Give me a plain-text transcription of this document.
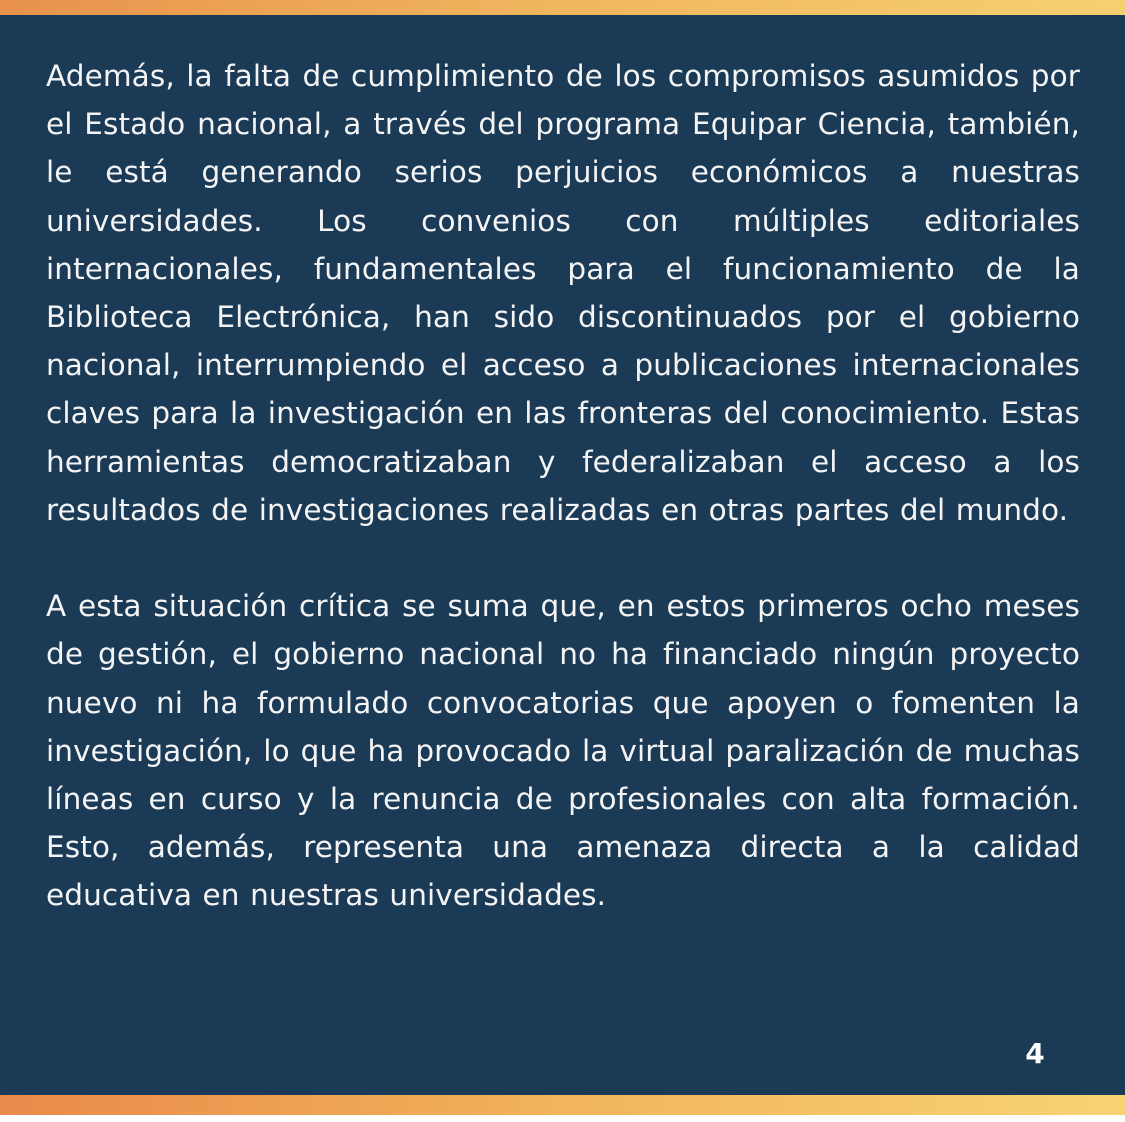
Además, la falta de cumplimiento de los compromisos asumidos por el Estado nacional, a través del programa Equipar Ciencia, también, le está generando serios perjuicios económicos a nuestras universidades. Los convenios con múltiples editoriales internacionales, fundamentales para el funcionamiento de la Biblioteca Electrónica, han sido discontinuados por el gobierno nacional, interrumpiendo el acceso a publicaciones internacionales claves para la investigación en las fronteras del conocimiento. Estas herramientas democratizaban y federalizaban el acceso a los resultados de investigaciones realizadas en otras partes del mundo.

A esta situación crítica se suma que, en estos primeros ocho meses de gestión, el gobierno nacional no ha financiado ningún proyecto nuevo ni ha formulado convocatorias que apoyen o fomenten la investigación, lo que ha provocado la virtual paralización de muchas líneas en curso y la renuncia de profesionales con alta formación. Esto, además, representa una amenaza directa a la calidad educativa en nuestras universidades.

4
